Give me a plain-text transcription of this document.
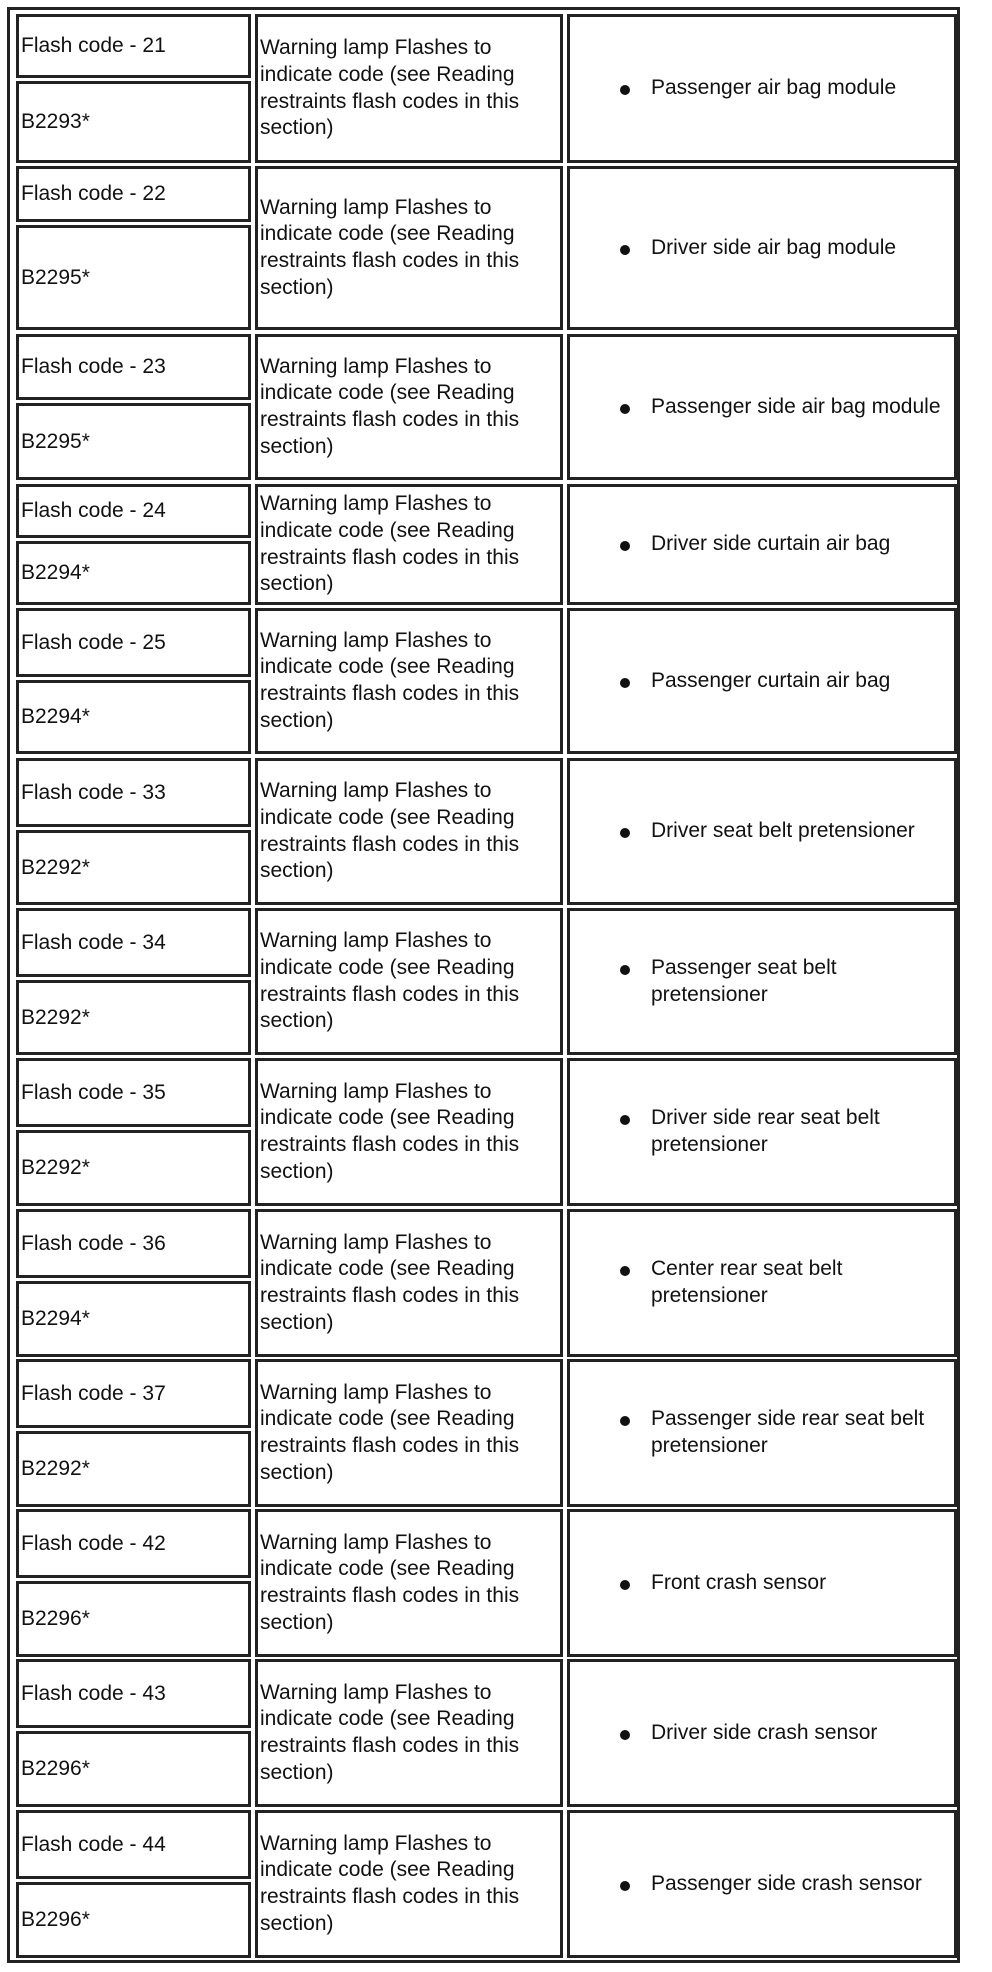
Flash code - 21
B2293*
Warning lamp Flashes to indicate code (see Reading restraints flash codes in this section)
Passenger air bag module
Flash code - 22
B2295*
Warning lamp Flashes to indicate code (see Reading restraints flash codes in this section)
Driver side air bag module
Flash code - 23
B2295*
Warning lamp Flashes to indicate code (see Reading restraints flash codes in this section)
Passenger side air bag module
Flash code - 24
B2294*
Warning lamp Flashes to indicate code (see Reading restraints flash codes in this section)
Driver side curtain air bag
Flash code - 25
B2294*
Warning lamp Flashes to indicate code (see Reading restraints flash codes in this section)
Passenger curtain air bag
Flash code - 33
B2292*
Warning lamp Flashes to indicate code (see Reading restraints flash codes in this section)
Driver seat belt pretensioner
Flash code - 34
B2292*
Warning lamp Flashes to indicate code (see Reading restraints flash codes in this section)
Passenger seat belt pretensioner
Flash code - 35
B2292*
Warning lamp Flashes to indicate code (see Reading restraints flash codes in this section)
Driver side rear seat belt pretensioner
Flash code - 36
B2294*
Warning lamp Flashes to indicate code (see Reading restraints flash codes in this section)
Center rear seat belt pretensioner
Flash code - 37
B2292*
Warning lamp Flashes to indicate code (see Reading restraints flash codes in this section)
Passenger side rear seat belt pretensioner
Flash code - 42
B2296*
Warning lamp Flashes to indicate code (see Reading restraints flash codes in this section)
Front crash sensor
Flash code - 43
B2296*
Warning lamp Flashes to indicate code (see Reading restraints flash codes in this section)
Driver side crash sensor
Flash code - 44
B2296*
Warning lamp Flashes to indicate code (see Reading restraints flash codes in this section)
Passenger side crash sensor
